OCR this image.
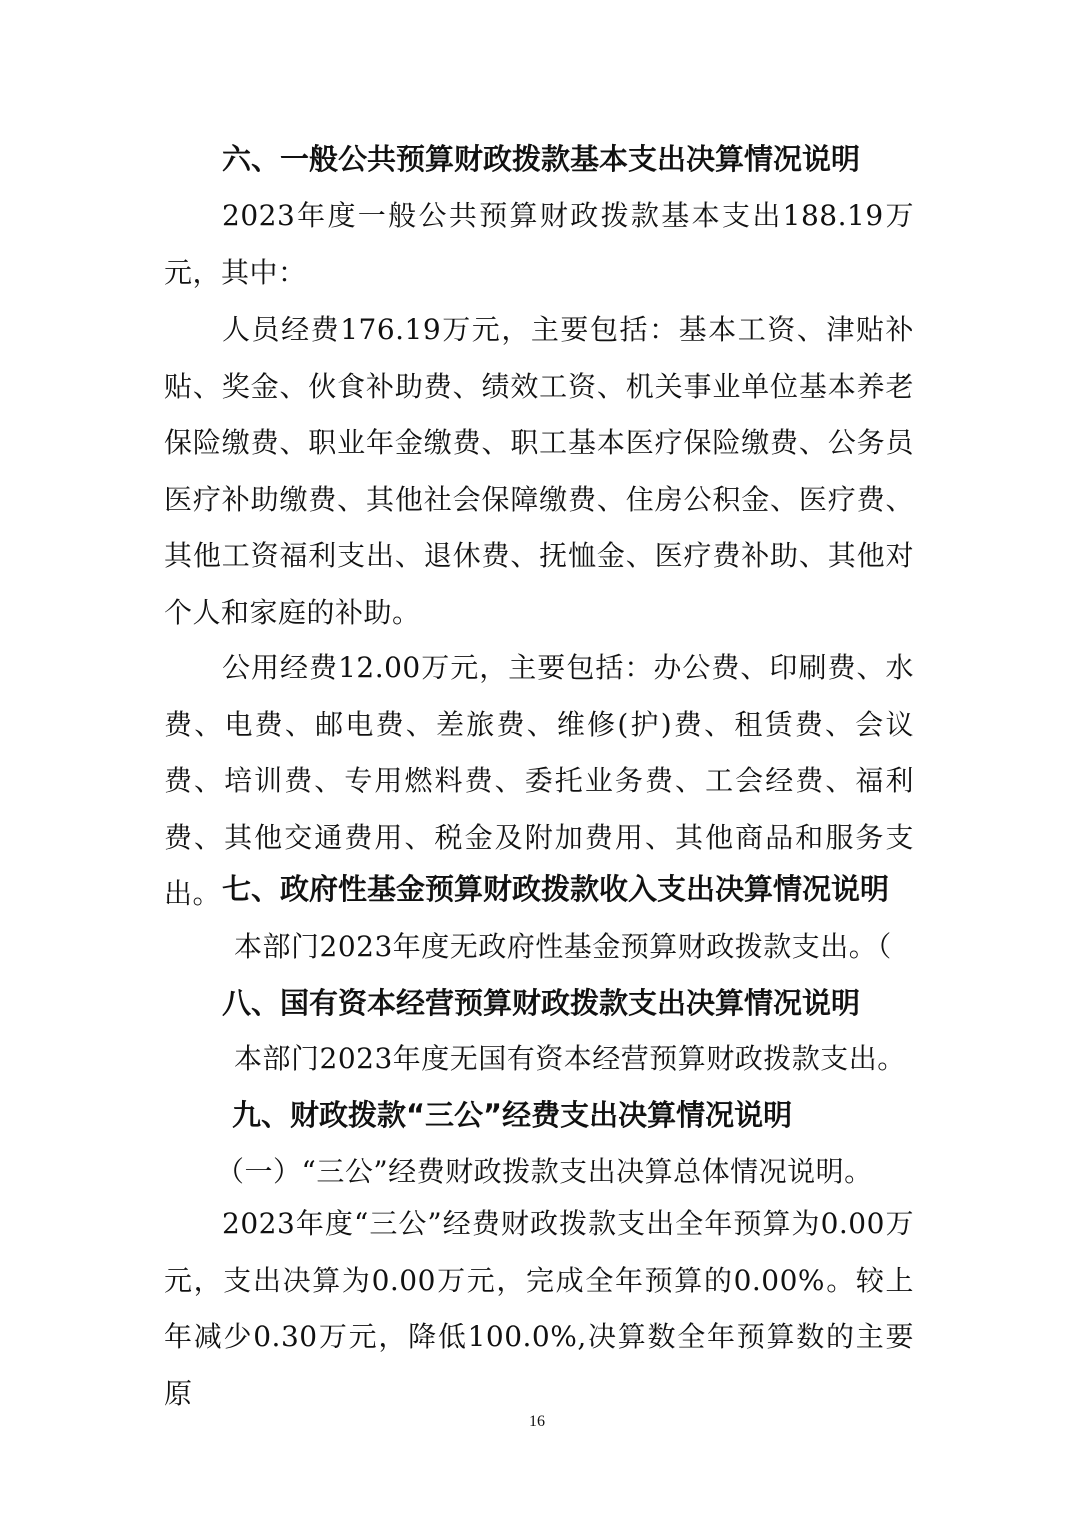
六、一般公共预算财政拨款基本支出决算情况说明

2023年度一般公共预算财政拨款基本支出188.19万元，其中：

人员经费176.19万元，主要包括：基本工资、津贴补贴、奖金、伙食补助费、绩效工资、机关事业单位基本养老保险缴费、职业年金缴费、职工基本医疗保险缴费、公务员医疗补助缴费、其他社会保障缴费、住房公积金、医疗费、其他工资福利支出、退休费、抚恤金、医疗费补助、其他对个人和家庭的补助。

公用经费12.00万元，主要包括：办公费、印刷费、水费、电费、邮电费、差旅费、维修(护)费、租赁费、会议费、培训费、专用燃料费、委托业务费、工会经费、福利费、其他交通费用、税金及附加费用、其他商品和服务支出。 七、政府性基金预算财政拨款收入支出决算情况说明
本部门2023年度无政府性基金预算财政拨款支出。（
八、国有资本经营预算财政拨款支出决算情况说明
本部门2023年度无国有资本经营预算财政拨款支出。
九、财政拨款“三公”经费支出决算情况说明
（一）“三公”经费财政拨款支出决算总体情况说明。

2023年度“三公”经费财政拨款支出全年预算为0.00万元，支出决算为0.00万元，完成全年预算的0.00%。较上年减少0.30万元，降低100.0%,决算数全年预算数的主要原

16
